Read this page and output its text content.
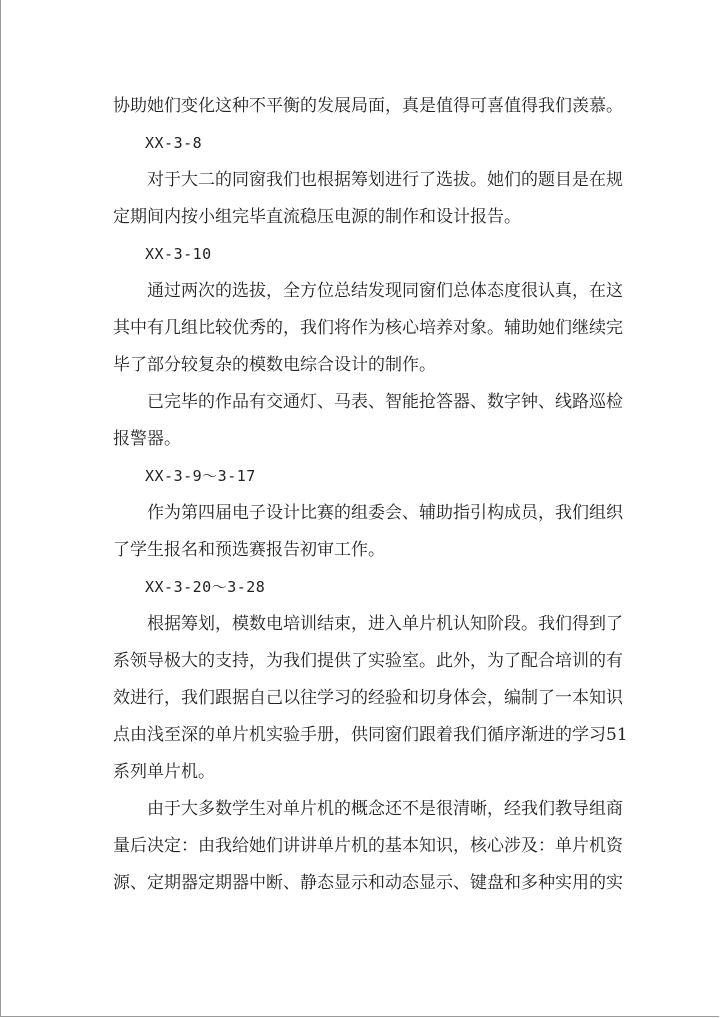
协助她们变化这种不平衡的发展局面，真是值得可喜值得我们羡慕。
XX-3-8
对于大二的同窗我们也根据筹划进行了选拔。她们的题目是在规
定期间内按小组完毕直流稳压电源的制作和设计报告。
XX-3-10
通过两次的选拔，全方位总结发现同窗们总体态度很认真，在这
其中有几组比较优秀的，我们将作为核心培养对象。辅助她们继续完
毕了部分较复杂的模数电综合设计的制作。
已完毕的作品有交通灯、马表、智能抢答器、数字钟、线路巡检
报警器。
XX-3-9～3-17
作为第四届电子设计比赛的组委会、辅助指引构成员，我们组织
了学生报名和预选赛报告初审工作。
XX-3-20～3-28
根据筹划，模数电培训结束，进入单片机认知阶段。我们得到了
系领导极大的支持，为我们提供了实验室。此外，为了配合培训的有
效进行，我们跟据自己以往学习的经验和切身体会，编制了一本知识
点由浅至深的单片机实验手册，供同窗们跟着我们循序渐进的学习51
系列单片机。
由于大多数学生对单片机的概念还不是很清晰，经我们教导组商
量后决定：由我给她们讲讲单片机的基本知识，核心涉及：单片机资
源、定期器定期器中断、静态显示和动态显示、键盘和多种实用的实
